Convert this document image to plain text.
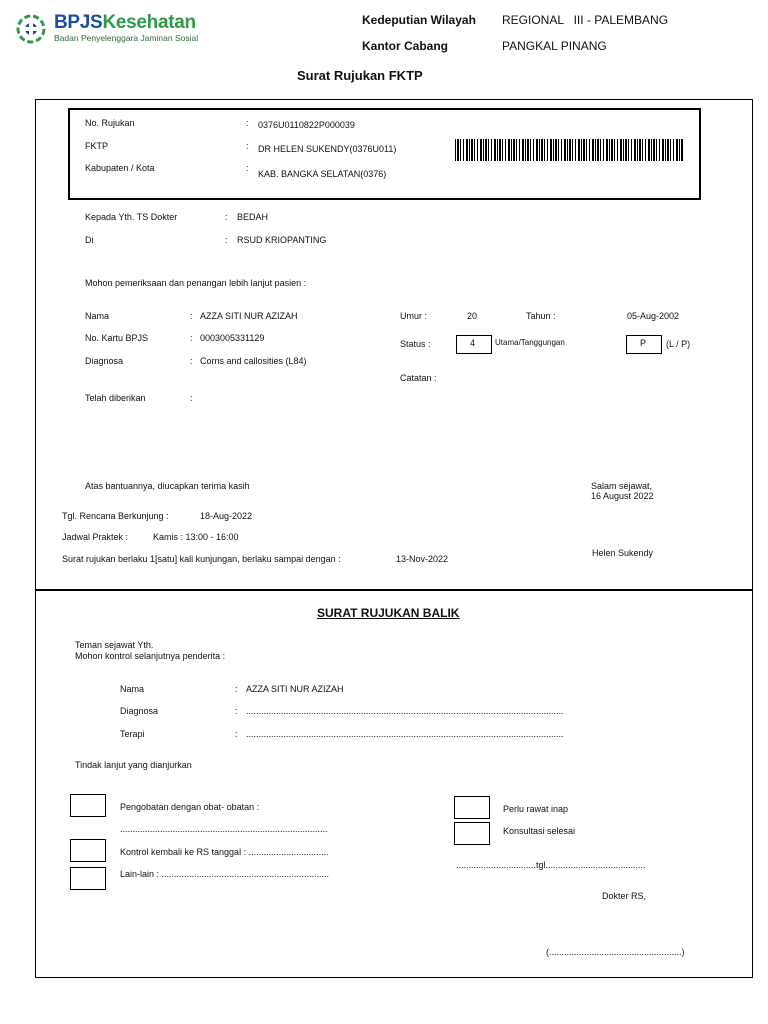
BPJSKesehatan
Badan Penyelenggara Jaminan Sosial
Kedeputian Wilayah REGIONAL   III - PALEMBANG
Kantor Cabang	PANGKAL PINANG
Surat Rujukan FKTP
No. Rujukan	: 0376U0110822P000039
FKTP	: DR HELEN SUKENDY(0376U011)
Kabupaten / Kota	:
KAB. BANGKA SELATAN(0376)
Kepada Yth. TS Dokter	: BEDAH
Di	: RSUD KRIOPANTING
Mohon pemeriksaan dan penangan lebih lanjut pasien :
Nama	: AZZA SITI NUR AZIZAH
No. Kartu BPJS	: 0003005331129
Diagnosa	: Corns and callosities (L84)
Telah diberikan	:
Umur :	20	Tahun :	05-Aug-2002
Status :	4 Utama/Tanggungan	P (L / P)
Catatan :
Atas bantuannya, diucapkan terima kasih	Salam sejawat,
16 August 2022
Tgl. Rencana Berkunjung :	18-Aug-2022
Jadwal Praktek :	Kamis : 13:00 - 16:00
Surat rujukan berlaku 1[satu] kali kunjungan, berlaku sampai dengan :	13-Nov-2022
Helen Sukendy
SURAT RUJUKAN BALIK
Teman sejawat Yth.
Mohon kontrol selanjutnya penderita :
Nama	: AZZA SITI NUR AZIZAH
Diagnosa	: ...............................................................................................................................
Terapi	: ...............................................................................................................................
Tindak lanjut yang dianjurkan
Pengobatan dengan obat- obatan :
...................................................................................
Kontrol kembali ke RS tanggal : ................................
Lain-lain : ...................................................................
Perlu rawat inap
Konsultasi selesai
................................tgl........................................
Dokter RS,
(.....................................................)
